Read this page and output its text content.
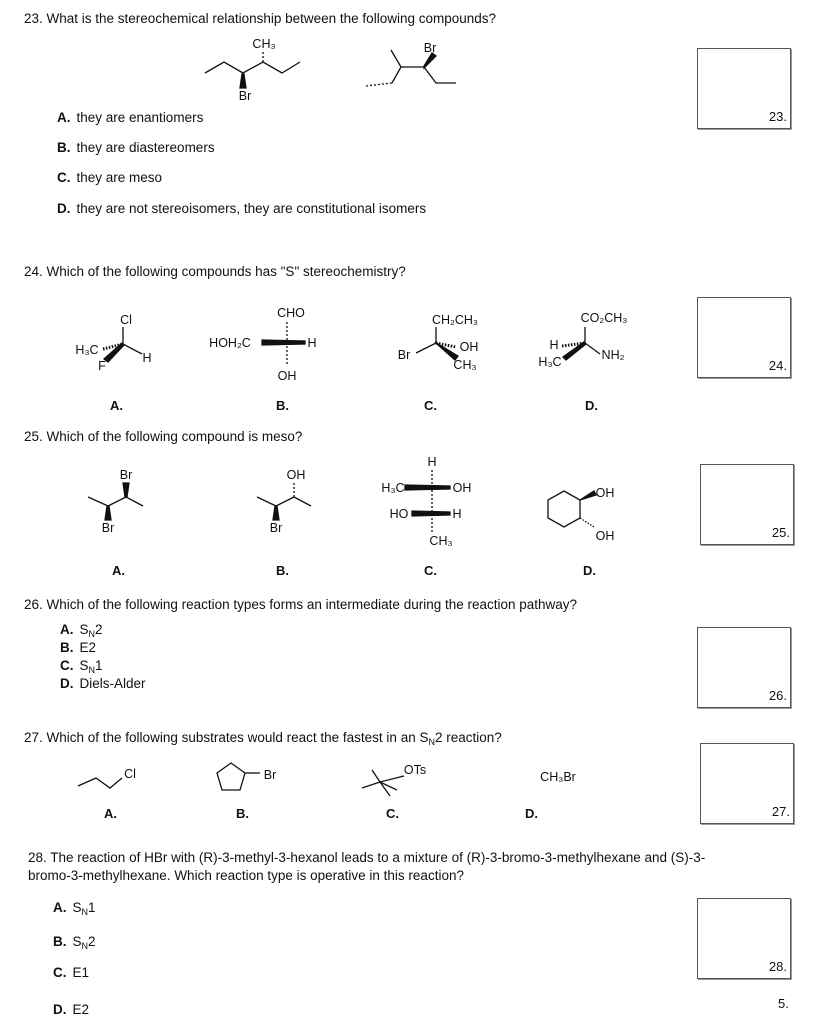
23. What is the stereochemical relationship between the following compounds?
CH₃
Br
Br
A. they are enantiomers
B. they are diastereomers
C. they are meso
D. they are not stereoisomers, they are constitutional isomers
23.
24. Which of the following compounds has "S" stereochemistry?
Cl
H₃C
H
F
CHO
HOH₂C	H
OH
CH₂CH₃
OH
CH₃
Br
CO₂CH₃
H
H₃C	NH₂
A.	B.	C.	D.
24.
25. Which of the following compound is meso?
Br
Br
OH
Br
H
H₃C	OH
HO	H
CH₃
OH
OH
A.	B.	C.	D.
25.
26. Which of the following reaction types forms an intermediate during the reaction pathway?
A. $S_N2$
B. E2
C. $S_N1$
D. Diels-Alder
26.
27. Which of the following substrates would react the fastest in an $S_N2$ reaction?
Cl	Br	OTs	CH₃Br
A.	B.	C.	D.	27.
28. The reaction of HBr with (R)-3-methyl-3-hexanol leads to a mixture of (R)-3-bromo-3-methylhexane and (S)-3-
bromo-3-methylhexane. Which reaction type is operative in this reaction?
A. $S_N1$
B. $S_N2$
C. E1
D. E2
28.
5.
